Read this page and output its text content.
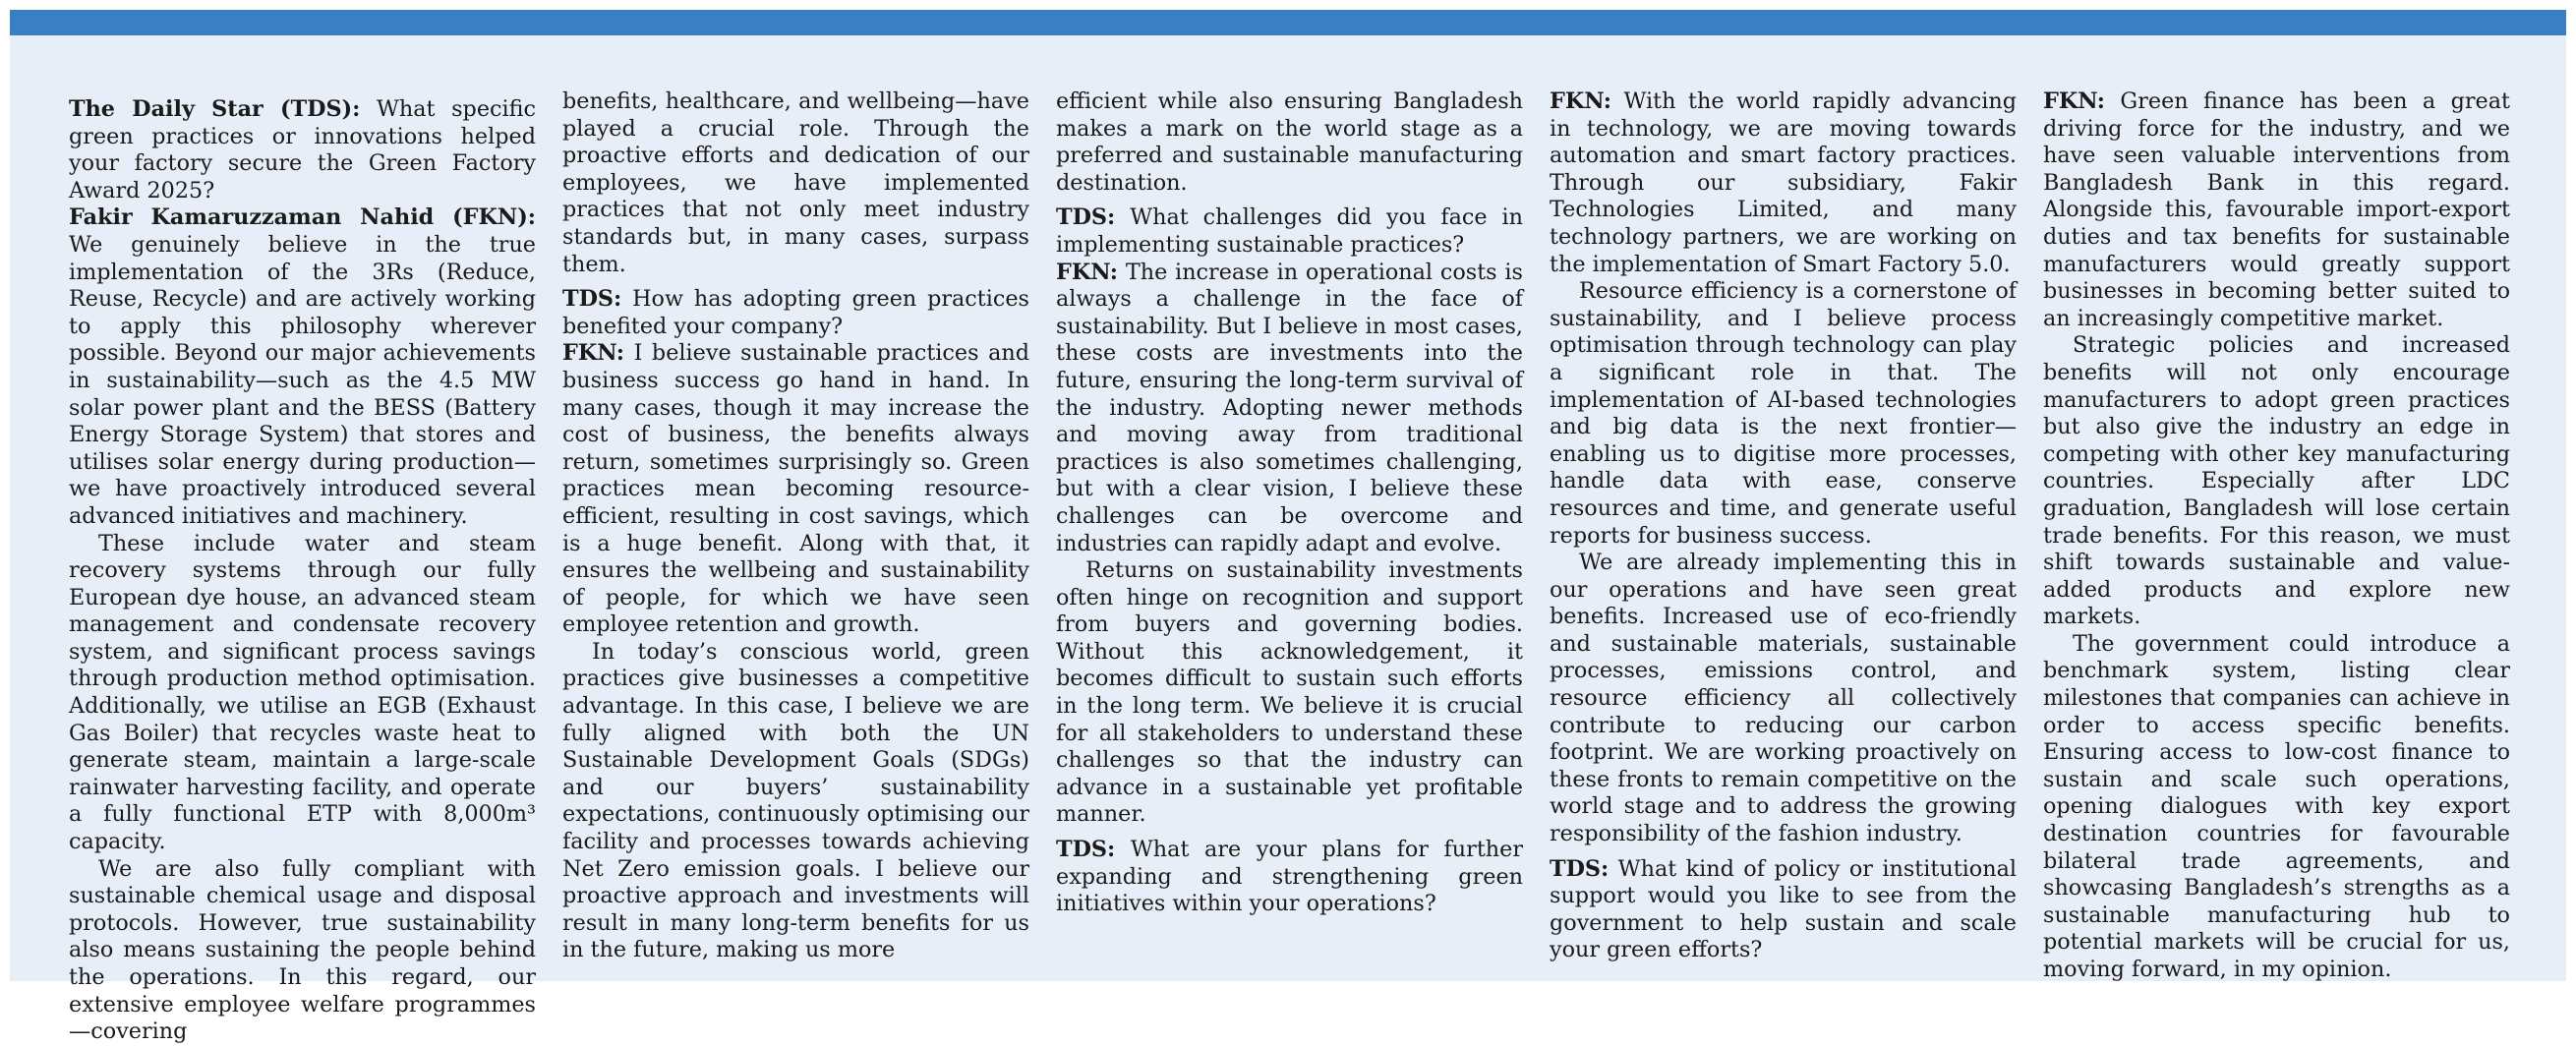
The Daily Star (TDS): What specific green practices or innovations helped your factory secure the Green Factory Award 2025?

Fakir Kamaruzzaman Nahid (FKN): We genuinely believe in the true implementation of the 3Rs (Reduce, Reuse, Recycle) and are actively working to apply this philosophy wherever possible. Beyond our major achievements in sustainability—such as the 4.5 MW solar power plant and the BESS (Battery Energy Storage System) that stores and utilises solar energy during production—we have proactively introduced several advanced initiatives and machinery.

These include water and steam recovery systems through our fully European dye house, an advanced steam management and condensate recovery system, and significant process savings through production method optimisation. Additionally, we utilise an EGB (Exhaust Gas Boiler) that recycles waste heat to generate steam, maintain a large-scale rainwater harvesting facility, and operate a fully functional ETP with 8,000m³ capacity.

We are also fully compliant with sustainable chemical usage and disposal protocols. However, true sustainability also means sustaining the people behind the operations. In this regard, our extensive employee welfare programmes—covering

benefits, healthcare, and wellbeing—have played a crucial role. Through the proactive efforts and dedication of our employees, we have implemented practices that not only meet industry standards but, in many cases, surpass them.

TDS: How has adopting green practices benefited your company?

FKN: I believe sustainable practices and business success go hand in hand. In many cases, though it may increase the cost of business, the benefits always return, sometimes surprisingly so. Green practices mean becoming resource-efficient, resulting in cost savings, which is a huge benefit. Along with that, it ensures the wellbeing and sustainability of people, for which we have seen employee retention and growth.

In today’s conscious world, green practices give businesses a competitive advantage. In this case, I believe we are fully aligned with both the UN Sustainable Development Goals (SDGs) and our buyers’ sustainability expectations, continuously optimising our facility and processes towards achieving Net Zero emission goals. I believe our proactive approach and investments will result in many long-term benefits for us in the future, making us more

efficient while also ensuring Bangladesh makes a mark on the world stage as a preferred and sustainable manufacturing destination.

TDS: What challenges did you face in implementing sustainable practices?

FKN: The increase in operational costs is always a challenge in the face of sustainability. But I believe in most cases, these costs are investments into the future, ensuring the long-term survival of the industry. Adopting newer methods and moving away from traditional practices is also sometimes challenging, but with a clear vision, I believe these challenges can be overcome and industries can rapidly adapt and evolve.

Returns on sustainability investments often hinge on recognition and support from buyers and governing bodies. Without this acknowledgement, it becomes difficult to sustain such efforts in the long term. We believe it is crucial for all stakeholders to understand these challenges so that the industry can advance in a sustainable yet profitable manner.

TDS: What are your plans for further expanding and strengthening green initiatives within your operations?

FKN: With the world rapidly advancing in technology, we are moving towards automation and smart factory practices. Through our subsidiary, Fakir Technologies Limited, and many technology partners, we are working on the implementation of Smart Factory 5.0.

Resource efficiency is a cornerstone of sustainability, and I believe process optimisation through technology can play a significant role in that. The implementation of AI-based technologies and big data is the next frontier—enabling us to digitise more processes, handle data with ease, conserve resources and time, and generate useful reports for business success.

We are already implementing this in our operations and have seen great benefits. Increased use of eco-friendly and sustainable materials, sustainable processes, emissions control, and resource efficiency all collectively contribute to reducing our carbon footprint. We are working proactively on these fronts to remain competitive on the world stage and to address the growing responsibility of the fashion industry.

TDS: What kind of policy or institutional support would you like to see from the government to help sustain and scale your green efforts?

FKN: Green finance has been a great driving force for the industry, and we have seen valuable interventions from Bangladesh Bank in this regard. Alongside this, favourable import-export duties and tax benefits for sustainable manufacturers would greatly support businesses in becoming better suited to an increasingly competitive market.

Strategic policies and increased benefits will not only encourage manufacturers to adopt green practices but also give the industry an edge in competing with other key manufacturing countries. Especially after LDC graduation, Bangladesh will lose certain trade benefits. For this reason, we must shift towards sustainable and value-added products and explore new markets.

The government could introduce a benchmark system, listing clear milestones that companies can achieve in order to access specific benefits. Ensuring access to low-cost finance to sustain and scale such operations, opening dialogues with key export destination countries for favourable bilateral trade agreements, and showcasing Bangladesh’s strengths as a sustainable manufacturing hub to potential markets will be crucial for us, moving forward, in my opinion.
